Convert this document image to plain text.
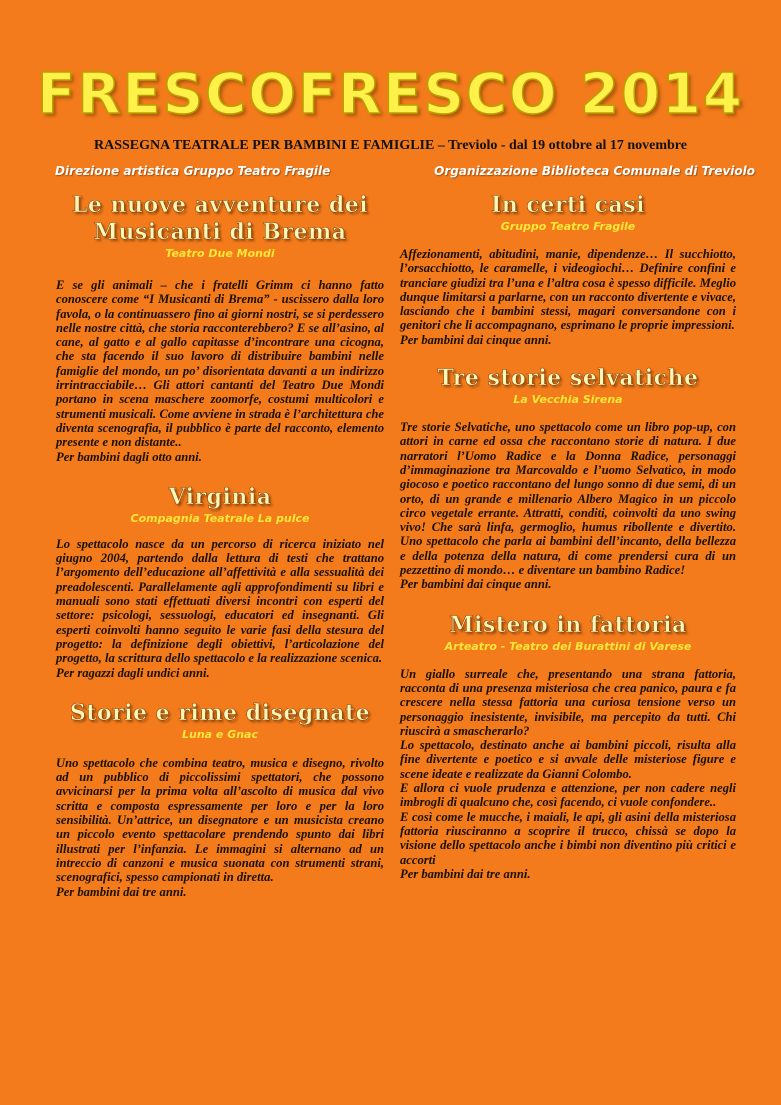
FRESCOFRESCO 2014
RASSEGNA TEATRALE PER BAMBINI E FAMIGLIE – Treviolo - dal 19 ottobre al 17 novembre
Direzione artistica Gruppo Teatro Fragile	Organizzazione Biblioteca Comunale di Treviolo
Le nuove avventure dei Musicanti di Brema
Teatro Due Mondi

E se gli animali – che i fratelli Grimm ci hanno fatto conoscere come “I Musicanti di Brema” - uscissero dalla loro favola, o la continuassero fino ai giorni nostri, se si perdessero nelle nostre città, che storia racconterebbero? E se all’asino, al cane, al gatto e al gallo capitasse d’incontrare una cicogna, che sta facendo il suo lavoro di distribuire bambini nelle famiglie del mondo, un po’ disorientata davanti a un indirizzo irrintracciabile… Gli attori cantanti del Teatro Due Mondi portano in scena maschere zoomorfe, costumi multicolori e strumenti musicali. Come avviene in strada è l’architettura che diventa scenografia, il pubblico è parte del racconto, elemento presente e non distante..

Per bambini dagli otto anni.
Virginia
Compagnia Teatrale La pulce

Lo spettacolo nasce da un percorso di ricerca iniziato nel giugno 2004, partendo dalla lettura di testi che trattano l’argomento dell’educazione all’affettività e alla sessualità dei preadolescenti. Parallelamente agli approfondimenti su libri e manuali sono stati effettuati diversi incontri con esperti del settore: psicologi, sessuologi, educatori ed insegnanti. Gli esperti coinvolti hanno seguito le varie fasi della stesura del progetto: la definizione degli obiettivi, l’articolazione del progetto, la scrittura dello spettacolo e la realizzazione scenica.

Per ragazzi dagli undici anni.
Storie e rime disegnate
Luna e Gnac

Uno spettacolo che combina teatro, musica e disegno, rivolto ad un pubblico di piccolissimi spettatori, che possono avvicinarsi per la prima volta all’ascolto di musica dal vivo scritta e composta espressamente per loro e per la loro sensibilità. Un’attrice, un disegnatore e un musicista creano un piccolo evento spettacolare prendendo spunto dai libri illustrati per l’infanzia. Le immagini si alternano ad un intreccio di canzoni e musica suonata con strumenti strani, scenografici, spesso campionati in diretta.

Per bambini dai tre anni.
In certi casi
Gruppo Teatro Fragile

Affezionamenti, abitudini, manie, dipendenze… Il succhiotto, l’orsacchiotto, le caramelle, i videogiochi… Definire confini e tranciare giudizi tra l’una e l’altra cosa è spesso difficile. Meglio dunque limitarsi a parlarne, con un racconto divertente e vivace, lasciando che i bambini stessi, magari conversandone con i genitori che li accompagnano, esprimano le proprie impressioni.

Per bambini dai cinque anni.
Tre storie selvatiche
La Vecchia Sirena

Tre storie Selvatiche, uno spettacolo come un libro pop-up, con attori in carne ed ossa che raccontano storie di natura. I due narratori l’Uomo Radice e la Donna Radice, personaggi d’immaginazione tra Marcovaldo e l’uomo Selvatico, in modo giocoso e poetico raccontano del lungo sonno di due semi, di un orto, di un grande e millenario Albero Magico in un piccolo circo vegetale errante. Attratti, conditi, coinvolti da uno swing vivo! Che sarà linfa, germoglio, humus ribollente e divertito. Uno spettacolo che parla ai bambini dell’incanto, della bellezza e della potenza della natura, di come prendersi cura di un pezzettino di mondo… e diventare un bambino Radice!

Per bambini dai cinque anni.
Mistero in fattoria
Arteatro - Teatro dei Burattini di Varese

Un giallo surreale che, presentando una strana fattoria, racconta di una presenza misteriosa che crea panico, paura e fa crescere nella stessa fattoria una curiosa tensione verso un personaggio inesistente, invisibile, ma percepito da tutti. Chi riuscirà a smascherarlo?

Lo spettacolo, destinato anche ai bambini piccoli, risulta alla fine divertente e poetico e si avvale delle misteriose figure e scene ideate e realizzate da Gianni Colombo.

E allora ci vuole prudenza e attenzione, per non cadere negli imbrogli di qualcuno che, così facendo, ci vuole confondere..

E così come le mucche, i maiali, le api, gli asini della misteriosa fattoria riusciranno a scoprire il trucco, chissà se dopo la visione dello spettacolo anche i bimbi non diventino più critici e accorti

Per bambini dai tre anni.
